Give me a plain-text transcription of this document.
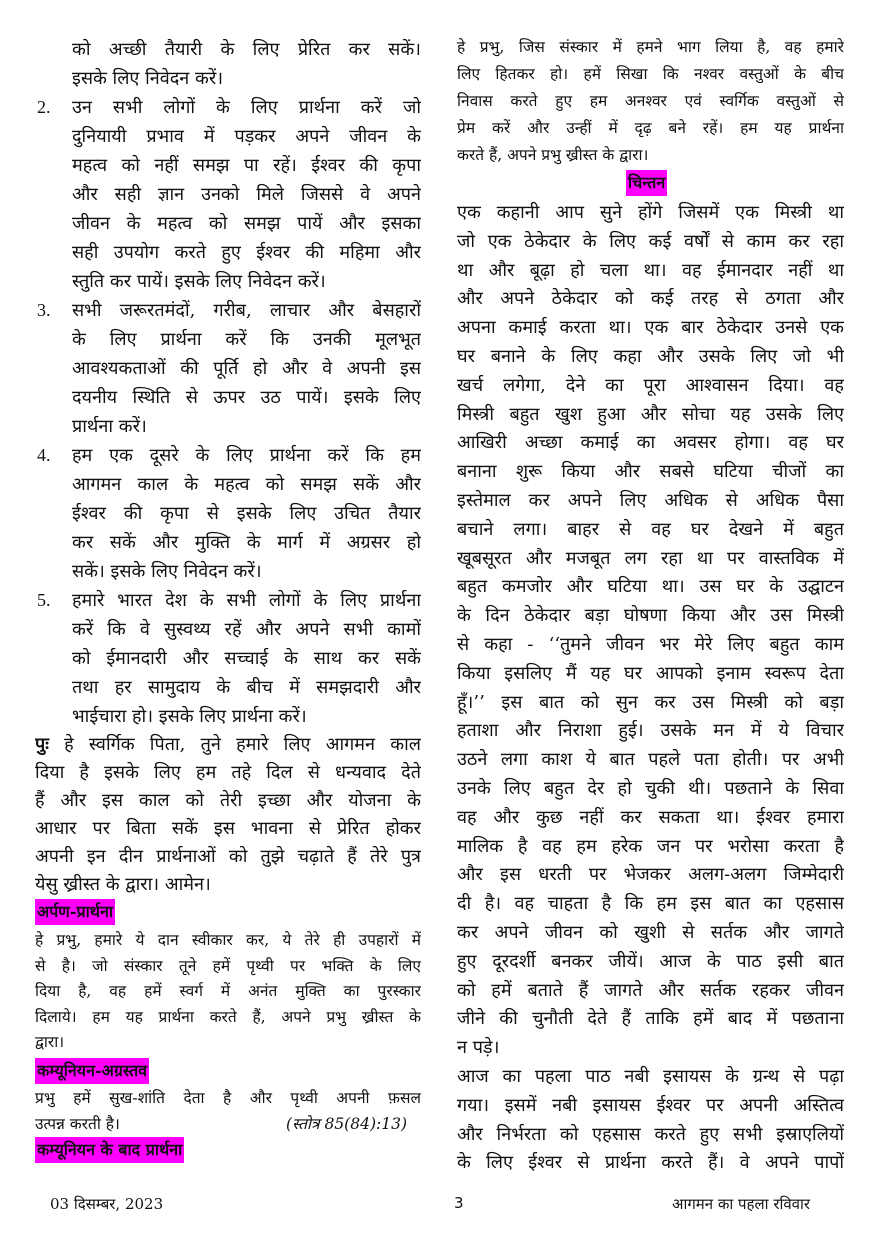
को अच्छी तैयारी के लिए प्रेरित कर सकें।
इसके लिए निवेदन करें।
2. उन सभी लोगों के लिए प्रार्थना करें जो
दुनियायी प्रभाव में पड़कर अपने जीवन के
महत्व को नहीं समझ पा रहें। ईश्वर की कृपा
और सही ज्ञान उनको मिले जिससे वे अपने
जीवन के महत्व को समझ पायें और इसका
सही उपयोग करते हुए ईश्वर की महिमा और
स्तुति कर पायें। इसके लिए निवेदन करें।
3. सभी जरूरतमंदों, गरीब, लाचार और बेसहारों
के लिए प्रार्थना करें कि उनकी मूलभूत
आवश्यकताओं की पूर्ति हो और वे अपनी इस
दयनीय स्थिति से ऊपर उठ पायें। इसके लिए
प्रार्थना करें।
4. हम एक दूसरे के लिए प्रार्थना करें कि हम
आगमन काल के महत्व को समझ सकें और
ईश्वर की कृपा से इसके लिए उचित तैयार
कर सकें और मुक्ति के मार्ग में अग्रसर हो
सकें। इसके लिए निवेदन करें।
5. हमारे भारत देश के सभी लोगों के लिए प्रार्थना
करें कि वे सुस्वथ्य रहें और अपने सभी कामों
को ईमानदारी और सच्चाई के साथ कर सकें
तथा हर सामुदाय के बीच में समझदारी और
भाईचारा हो। इसके लिए प्रार्थना करें।
पुः हे स्वर्गिक पिता, तुने हमारे लिए आगमन काल
दिया है इसके लिए हम तहे दिल से धन्यवाद देते
हैं और इस काल को तेरी इच्छा और योजना के
आधार पर बिता सकें इस भावना से प्रेरित होकर
अपनी इन दीन प्रार्थनाओं को तुझे चढ़ाते हैं तेरे पुत्र
येसु ख्रीस्त के द्वारा। आमेन।
अर्पण-प्रार्थना
हे प्रभु, हमारे ये दान स्वीकार कर, ये तेरे ही उपहारों में
से है। जो संस्कार तूने हमें पृथ्वी पर भक्ति के लिए
दिया है, वह हमें स्वर्ग में अनंत मुक्ति का पुरस्कार
दिलाये। हम यह प्रार्थना करते हैं, अपने प्रभु ख्रीस्त के
द्वारा।
कम्यूनियन-अग्रस्तव
प्रभु हमें सुख-शांति देता है और पृथ्वी अपनी फ़सल
उत्पन्न करती है।	(स्तोत्र 85(84):13)
कम्यूनियन के बाद प्रार्थना
हे प्रभु, जिस संस्कार में हमने भाग लिया है, वह हमारे
लिए हितकर हो। हमें सिखा कि नश्वर वस्तुओं के बीच
निवास करते हुए हम अनश्वर एवं स्वर्गिक वस्तुओं से
प्रेम करें और उन्हीं में दृढ़ बने रहें। हम यह प्रार्थना
करते हैं, अपने प्रभु ख्रीस्त के द्वारा।
चिन्तन
एक कहानी आप सुने होंगे जिसमें एक मिस्त्री था
जो एक ठेकेदार के लिए कई वर्षों से काम कर रहा
था और बूढ़ा हो चला था। वह ईमानदार नहीं था
और अपने ठेकेदार को कई तरह से ठगता और
अपना कमाई करता था। एक बार ठेकेदार उनसे एक
घर बनाने के लिए कहा और उसके लिए जो भी
खर्च लगेगा, देने का पूरा आश्वासन दिया। वह
मिस्त्री बहुत खुश हुआ और सोचा यह उसके लिए
आखिरी अच्छा कमाई का अवसर होगा। वह घर
बनाना शुरू किया और सबसे घटिया चीजों का
इस्तेमाल कर अपने लिए अधिक से अधिक पैसा
बचाने लगा। बाहर से वह घर देखने में बहुत
खूबसूरत और मजबूत लग रहा था पर वास्तविक में
बहुत कमजोर और घटिया था। उस घर के उद्घाटन
के दिन ठेकेदार बड़ा घोषणा किया और उस मिस्त्री
से कहा - ‘‘तुमने जीवन भर मेरे लिए बहुत काम
किया इसलिए मैं यह घर आपको इनाम स्वरूप देता
हूँ।’’ इस बात को सुन कर उस मिस्त्री को बड़ा
हताशा और निराशा हुई। उसके मन में ये विचार
उठने लगा काश ये बात पहले पता होती। पर अभी
उनके लिए बहुत देर हो चुकी थी। पछताने के सिवा
वह और कुछ नहीं कर सकता था। ईश्वर हमारा
मालिक है वह हम हरेक जन पर भरोसा करता है
और इस धरती पर भेजकर अलग-अलग जिम्मेदारी
दी है। वह चाहता है कि हम इस बात का एहसास
कर अपने जीवन को खुशी से सर्तक और जागते
हुए दूरदर्शी बनकर जीयें। आज के पाठ इसी बात
को हमें बताते हैं जागते और सर्तक रहकर जीवन
जीने की चुनौती देते हैं ताकि हमें बाद में पछताना
न पड़े।
आज का पहला पाठ नबी इसायस के ग्रन्थ से पढ़ा
गया। इसमें नबी इसायस ईश्वर पर अपनी अस्तित्व
और निर्भरता को एहसास करते हुए सभी इस्राएलियों
के लिए ईश्वर से प्रार्थना करते हैं। वे अपने पापों
03 दिसम्बर, 2023	3	आगमन का पहला रविवार
